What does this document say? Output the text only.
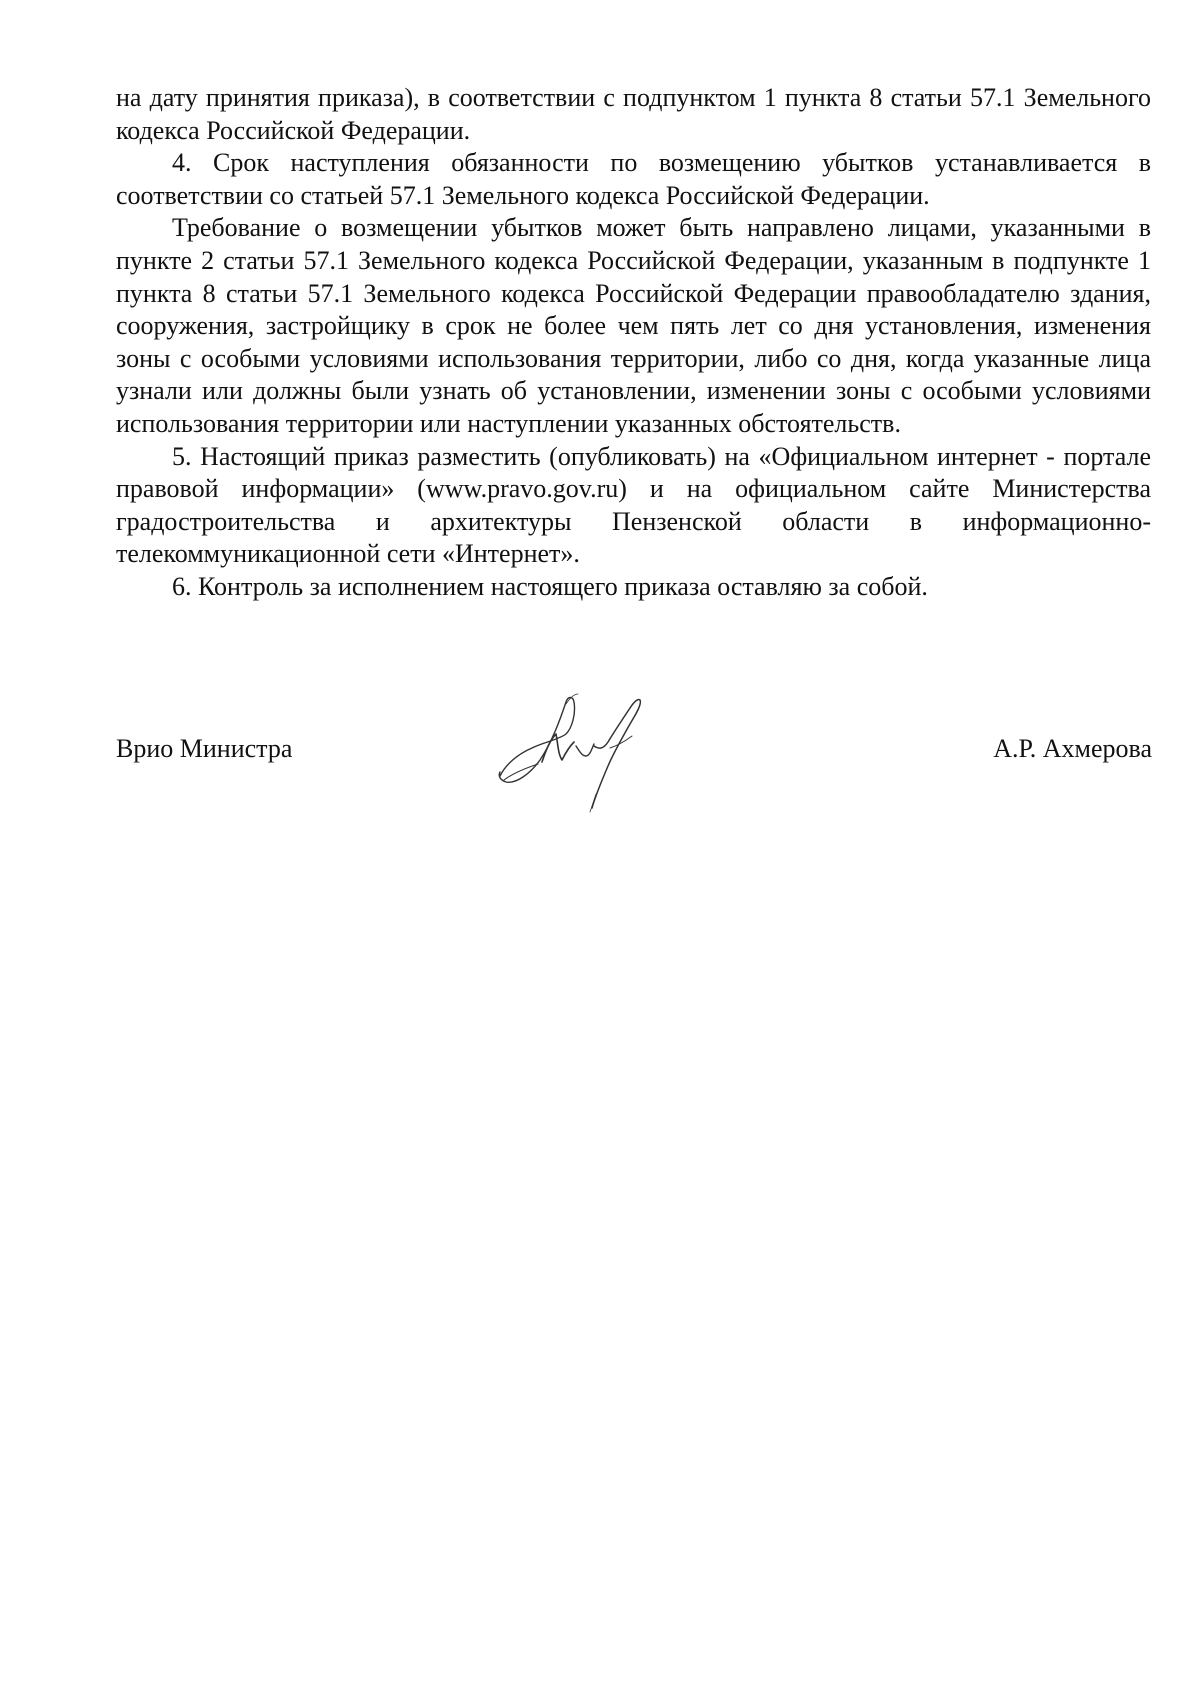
на дату принятия приказа), в соответствии с подпунктом 1 пункта 8 статьи 57.1 Земельного кодекса Российской Федерации.

4. Срок наступления обязанности по возмещению убытков устанавливается в соответствии со статьей 57.1 Земельного кодекса Российской Федерации.

Требование о возмещении убытков может быть направлено лицами, указанными в пункте 2 статьи 57.1 Земельного кодекса Российской Федерации, указанным в подпункте 1 пункта 8 статьи 57.1 Земельного кодекса Российской Федерации правообладателю здания, сооружения, застройщику в срок не более чем пять лет со дня установления, изменения зоны с особыми условиями использования территории, либо со дня, когда указанные лица узнали или должны были узнать об установлении, изменении зоны с особыми условиями использования территории или наступлении указанных обстоятельств.

5. Настоящий приказ разместить (опубликовать) на «Официальном интернет - портале правовой информации» (www.pravo.gov.ru) и на официальном сайте Министерства градостроительства и архитектуры Пензенской области в информационно-телекоммуникационной сети «Интернет».

6. Контроль за исполнением настоящего приказа оставляю за собой.

Врио Министра	А.Р. Ахмерова
